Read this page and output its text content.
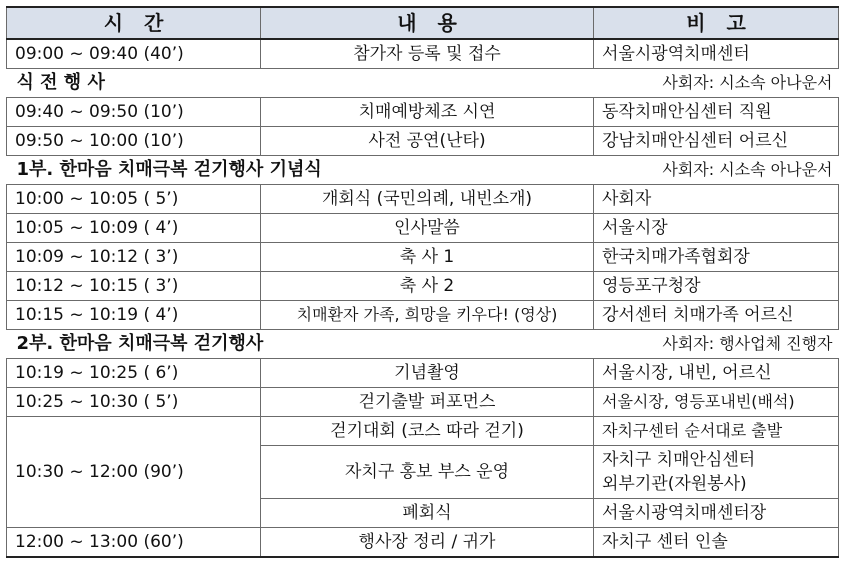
시   간	내   용	비   고
09:00 ~ 09:40 (40’)	참가자 등록 및 접수	서울시광역치매센터
식 전 행 사		사회자: 시소속 아나운서
09:40 ~ 09:50 (10’)	치매예방체조 시연	동작치매안심센터 직원
09:50 ~ 10:00 (10’)	사전 공연(난타)	강남치매안심센터 어르신
1부. 한마음 치매극복 걷기행사 기념식		사회자: 시소속 아나운서
10:00 ~ 10:05 ( 5’)	개회식 (국민의례, 내빈소개)	사회자
10:05 ~ 10:09 ( 4’)	인사말씀	서울시장
10:09 ~ 10:12 ( 3’)	축 사 1	한국치매가족협회장
10:12 ~ 10:15 ( 3’)	축 사 2	영등포구청장
10:15 ~ 10:19 ( 4’)	치매환자 가족, 희망을 키우다! (영상)	강서센터 치매가족 어르신
2부. 한마음 치매극복 걷기행사		사회자: 행사업체 진행자
10:19 ~ 10:25 ( 6’)	기념촬영	서울시장, 내빈, 어르신
10:25 ~ 10:30 ( 5’)	걷기출발 퍼포먼스	서울시장, 영등포내빈(배석)
10:30 ~ 12:00 (90’)	걷기대회 (코스 따라 걷기)	자치구센터 순서대로 출발
	자치구 홍보 부스 운영	자치구 치매안심센터
외부기관(자원봉사)

	폐회식	서울시광역치매센터장
12:00 ~ 13:00 (60’)	행사장 정리 / 귀가	자치구 센터 인솔
